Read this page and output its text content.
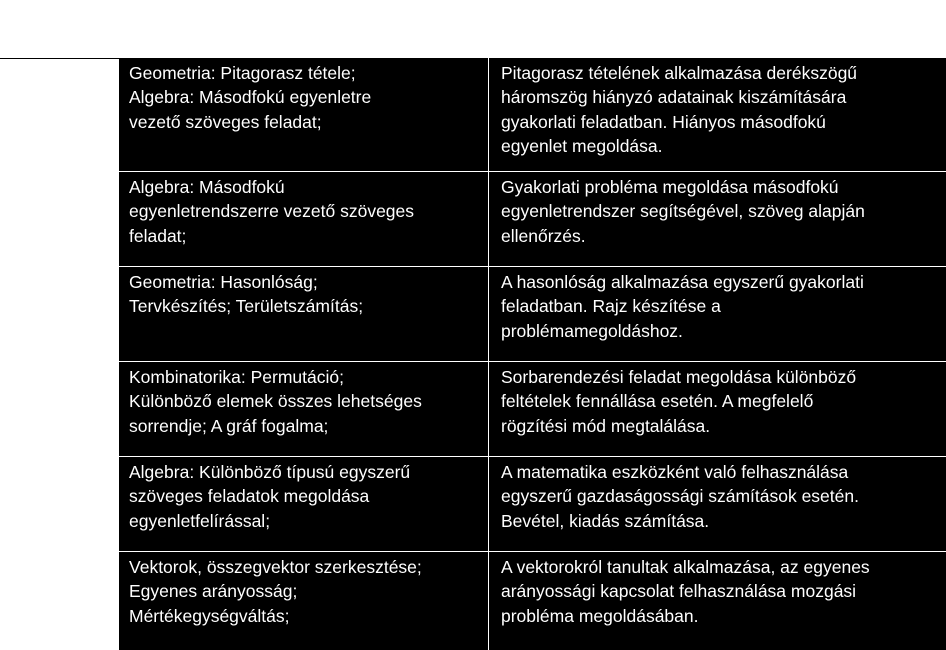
Geometria: Pitagorasz tétele;
Algebra: Másodfokú egyenletre
vezető szöveges feladat;
Pitagorasz tételének alkalmazása derékszögű
háromszög hiányzó adatainak kiszámítására
gyakorlati feladatban. Hiányos másodfokú
egyenlet megoldása.
Algebra: Másodfokú
egyenletrendszerre vezető szöveges
feladat;
Gyakorlati probléma megoldása másodfokú
egyenletrendszer segítségével, szöveg alapján
ellenőrzés.
Geometria: Hasonlóság;
Tervkészítés; Területszámítás;
A hasonlóság alkalmazása egyszerű gyakorlati
feladatban. Rajz készítése a
problémamegoldáshoz.
Kombinatorika: Permutáció;
Különböző elemek összes lehetséges
sorrendje; A gráf fogalma;
Sorbarendezési feladat megoldása különböző
feltételek fennállása esetén. A megfelelő
rögzítési mód megtalálása.
Algebra: Különböző típusú egyszerű
szöveges feladatok megoldása
egyenletfelírással;
A matematika eszközként való felhasználása
egyszerű gazdaságossági számítások esetén.
Bevétel, kiadás számítása.
Vektorok, összegvektor szerkesztése;
Egyenes arányosság;
Mértékegységváltás;
A vektorokról tanultak alkalmazása, az egyenes
arányossági kapcsolat felhasználása mozgási
probléma megoldásában.
